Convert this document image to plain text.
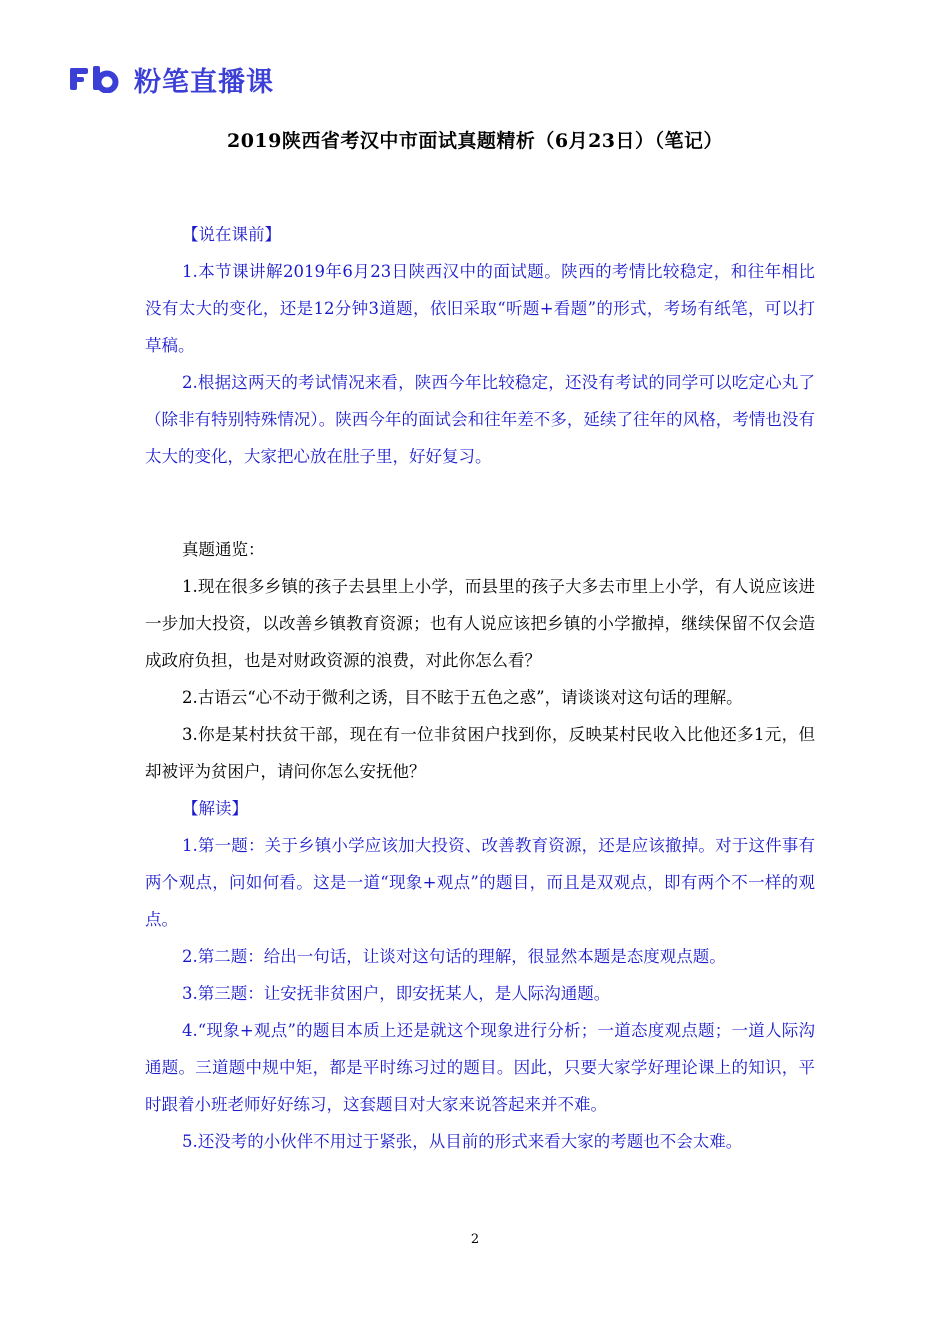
粉笔直播课
2019陕西省考汉中市面试真题精析（6月23日）（笔记）

【说在课前】

1.本节课讲解2019年6月23日陕西汉中的面试题。陕西的考情比较稳定，和往年相比没有太大的变化，还是12分钟3道题，依旧采取“听题+看题”的形式，考场有纸笔，可以打草稿。

2.根据这两天的考试情况来看，陕西今年比较稳定，还没有考试的同学可以吃定心丸了（除非有特别特殊情况）。陕西今年的面试会和往年差不多，延续了往年的风格，考情也没有太大的变化，大家把心放在肚子里，好好复习。

真题通览：

1.现在很多乡镇的孩子去县里上小学，而县里的孩子大多去市里上小学，有人说应该进一步加大投资，以改善乡镇教育资源；也有人说应该把乡镇的小学撤掉，继续保留不仅会造成政府负担，也是对财政资源的浪费，对此你怎么看？

2.古语云“心不动于微利之诱，目不眩于五色之惑”，请谈谈对这句话的理解。

3.你是某村扶贫干部，现在有一位非贫困户找到你，反映某村民收入比他还多1元，但却被评为贫困户，请问你怎么安抚他？

【解读】

1.第一题：关于乡镇小学应该加大投资、改善教育资源，还是应该撤掉。对于这件事有两个观点，问如何看。这是一道“现象+观点”的题目，而且是双观点，即有两个不一样的观点。

2.第二题：给出一句话，让谈对这句话的理解，很显然本题是态度观点题。

3.第三题：让安抚非贫困户，即安抚某人，是人际沟通题。

4.“现象+观点”的题目本质上还是就这个现象进行分析；一道态度观点题；一道人际沟通题。三道题中规中矩，都是平时练习过的题目。因此，只要大家学好理论课上的知识，平时跟着小班老师好好练习，这套题目对大家来说答起来并不难。

5.还没考的小伙伴不用过于紧张，从目前的形式来看大家的考题也不会太难。

2
